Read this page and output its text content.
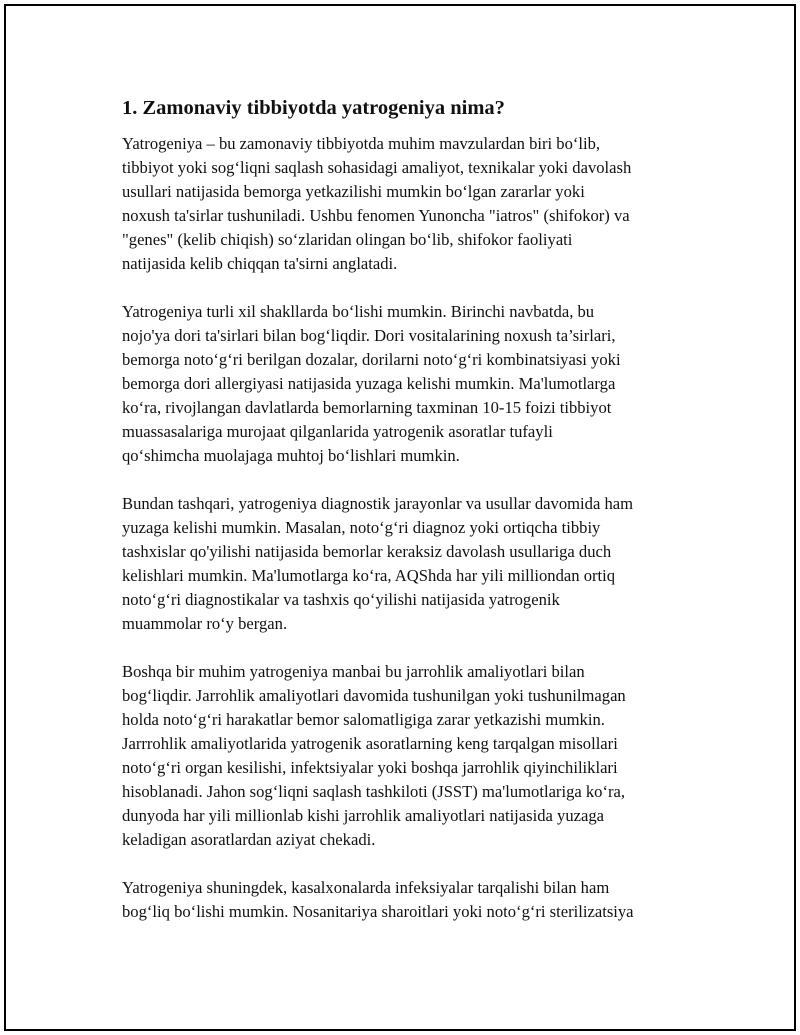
1. Zamonaviy tibbiyotda yatrogeniya nima?
Yatrogeniya – bu zamonaviy tibbiyotda muhim mavzulardan biri bo‘lib,
tibbiyot yoki sog‘liqni saqlash sohasidagi amaliyot, texnikalar yoki davolash
usullari natijasida bemorga yetkazilishi mumkin bo‘lgan zararlar yoki
noxush ta'sirlar tushuniladi. Ushbu fenomen Yunoncha "iatros" (shifokor) va
"genes" (kelib chiqish) so‘zlaridan olingan bo‘lib, shifokor faoliyati
natijasida kelib chiqqan ta'sirni anglatadi.
Yatrogeniya turli xil shakllarda bo‘lishi mumkin. Birinchi navbatda, bu
nojo'ya dori ta'sirlari bilan bog‘liqdir. Dori vositalarining noxush ta’sirlari,
bemorga noto‘g‘ri berilgan dozalar, dorilarni noto‘g‘ri kombinatsiyasi yoki
bemorga dori allergiyasi natijasida yuzaga kelishi mumkin. Ma'lumotlarga
ko‘ra, rivojlangan davlatlarda bemorlarning taxminan 10-15 foizi tibbiyot
muassasalariga murojaat qilganlarida yatrogenik asoratlar tufayli
qo‘shimcha muolajaga muhtoj bo‘lishlari mumkin.
Bundan tashqari, yatrogeniya diagnostik jarayonlar va usullar davomida ham
yuzaga kelishi mumkin. Masalan, noto‘g‘ri diagnoz yoki ortiqcha tibbiy
tashxislar qo'yilishi natijasida bemorlar keraksiz davolash usullariga duch
kelishlari mumkin. Ma'lumotlarga ko‘ra, AQShda har yili milliondan ortiq
noto‘g‘ri diagnostikalar va tashxis qo‘yilishi natijasida yatrogenik
muammolar ro‘y bergan.
Boshqa bir muhim yatrogeniya manbai bu jarrohlik amaliyotlari bilan
bog‘liqdir. Jarrohlik amaliyotlari davomida tushunilgan yoki tushunilmagan
holda noto‘g‘ri harakatlar bemor salomatligiga zarar yetkazishi mumkin.
Jarrrohlik amaliyotlarida yatrogenik asoratlarning keng tarqalgan misollari
noto‘g‘ri organ kesilishi, infektsiyalar yoki boshqa jarrohlik qiyinchiliklari
hisoblanadi. Jahon sog‘liqni saqlash tashkiloti (JSST) ma'lumotlariga ko‘ra,
dunyoda har yili millionlab kishi jarrohlik amaliyotlari natijasida yuzaga
keladigan asoratlardan aziyat chekadi.
Yatrogeniya shuningdek, kasalxonalarda infeksiyalar tarqalishi bilan ham
bog‘liq bo‘lishi mumkin. Nosanitariya sharoitlari yoki noto‘g‘ri sterilizatsiya
